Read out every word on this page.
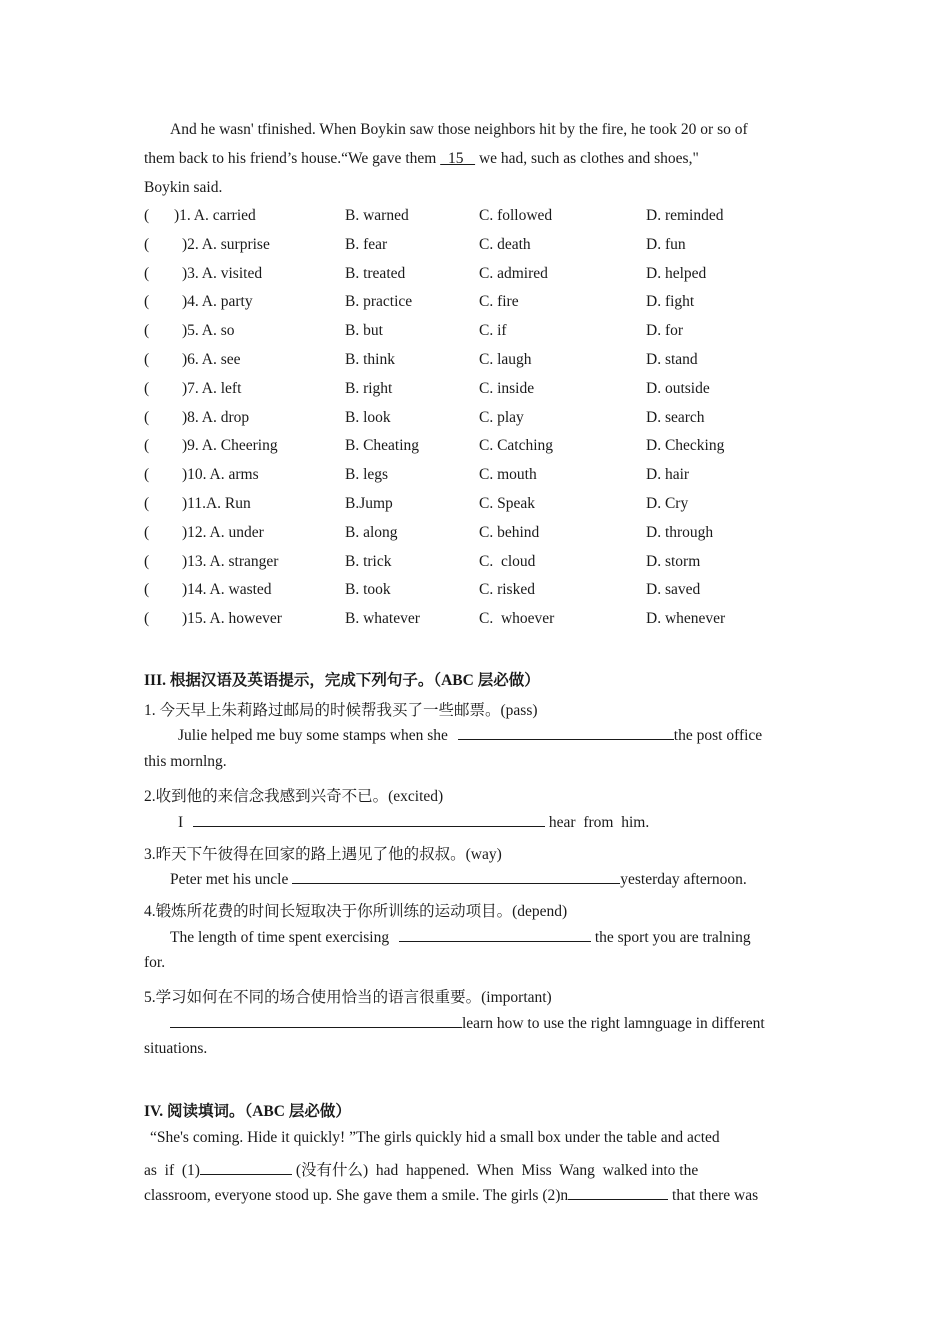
And he wasn' tfinished. When Boykin saw those neighbors hit by the fire, he took 20 or so of
them back to his friend’s house.“We gave them   15    we had, such as clothes and shoes,"
Boykin said.
( )1. A. carried	B. warned	C. followed	D. reminded
( )2. A. surprise	B. fear	C. death	D. fun
( )3. A. visited	B. treated	C. admired	D. helped
( )4. A. party	B. practice	C. fire	D. fight
( )5. A. so	B. but	C. if	D. for
( )6. A. see	B. think	C. laugh	D. stand
( )7. A. left	B. right	C. inside	D. outside
( )8. A. drop	B. look	C. play	D. search
( )9. A. Cheering	B. Cheating	C. Catching	D. Checking
( )10. A. arms	B. legs	C. mouth	D. hair
( )11.A. Run	B.Jump	C. Speak	D. Cry
( )12. A. under	B. along	C. behind	D. through
( )13. A. stranger	B. trick	C.  cloud	D. storm
( )14. A. wasted	B. took	C. risked	D. saved
( )15. A. however	B. whatever	C.  whoever	D. whenever
III. 根据汉语及英语提示，完成下列句子。（ABC 层必做）
1. 今天早上朱莉路过邮局的时候帮我买了一些邮票。(pass)
Julie helped me buy some stamps when she	the post office
this mornlng.
2.收到他的来信念我感到兴奇不已。(excited)
I	hear  from  him.
3.昨天下午彼得在回家的路上遇见了他的叔叔。(way)
Peter met his uncle	yesterday afternoon.
4.锻炼所花费的时间长短取决于你所训练的运动项目。(depend)
The length of time spent exercising	the sport you are tralning
for.
5.学习如何在不同的场合使用恰当的语言很重要。(important)
learn how to use the right lamnguage in different
situations.
IV. 阅读填词。（ABC 层必做）
“She's coming. Hide it quickly! ”The girls quickly hid a small box under the table and acted
as  if  (1)	(没有什么)  had  happened.  When  Miss  Wang  walked into the
classroom, everyone stood up. She gave them a smile. The girls (2)n	that there was
